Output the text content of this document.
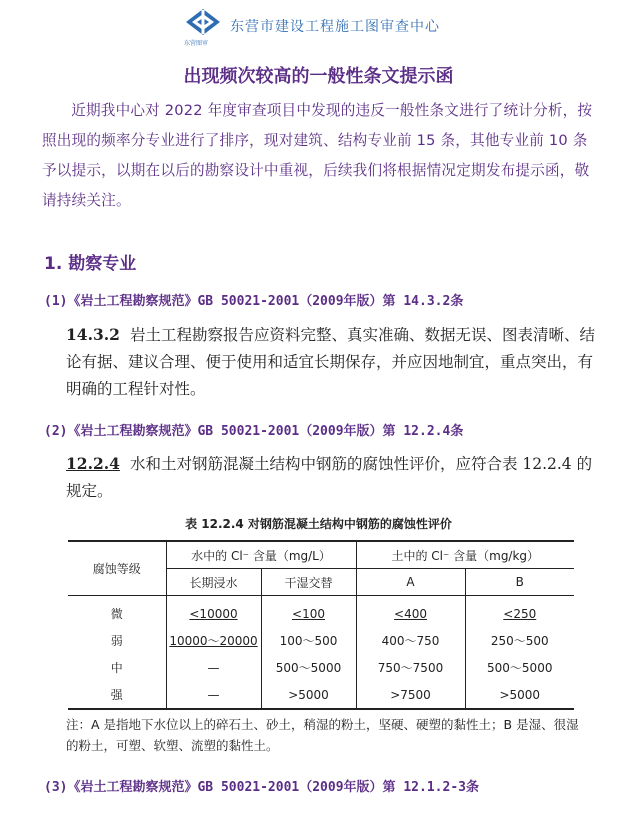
东营图审
东营市建设工程施工图审查中心
出现频次较高的一般性条文提示函
近期我中心对 2022 年度审查项目中发现的违反一般性条文进行了统计分析，按照出现的频率分专业进行了排序，现对建筑、结构专业前 15 条，其他专业前 10 条予以提示，以期在以后的勘察设计中重视，后续我们将根据情况定期发布提示函，敬请持续关注。
1. 勘察专业
(1)《岩土工程勘察规范》GB 50021-2001（2009年版）第 14.3.2条
14.3.2 岩土工程勘察报告应资料完整、真实准确、数据无误、图表清晰、结论有据、建议合理、便于使用和适宜长期保存，并应因地制宜，重点突出，有明确的工程针对性。
(2)《岩土工程勘察规范》GB 50021-2001（2009年版）第 12.2.4条
12.2.4 水和土对钢筋混凝土结构中钢筋的腐蚀性评价，应符合表 12.2.4 的规定。
表 12.2.4 对钢筋混凝土结构中钢筋的腐蚀性评价
腐蚀等级	水中的 Cl⁻ 含量（mg/L）		土中的 Cl⁻ 含量（mg/kg）	
	长期浸水	干湿交替	A	B
微	<10000	<100	<400	<250
弱	10000～20000	100～500	400～750	250～500
中	—	500～5000	750～7500	500～5000
强	—	>5000	>7500	>5000
注：A 是指地下水位以上的碎石土、砂土，稍湿的粉土，坚硬、硬塑的黏性土；B 是湿、很湿的粉土，可塑、软塑、流塑的黏性土。
(3)《岩土工程勘察规范》GB 50021-2001（2009年版）第 12.1.2-3条
